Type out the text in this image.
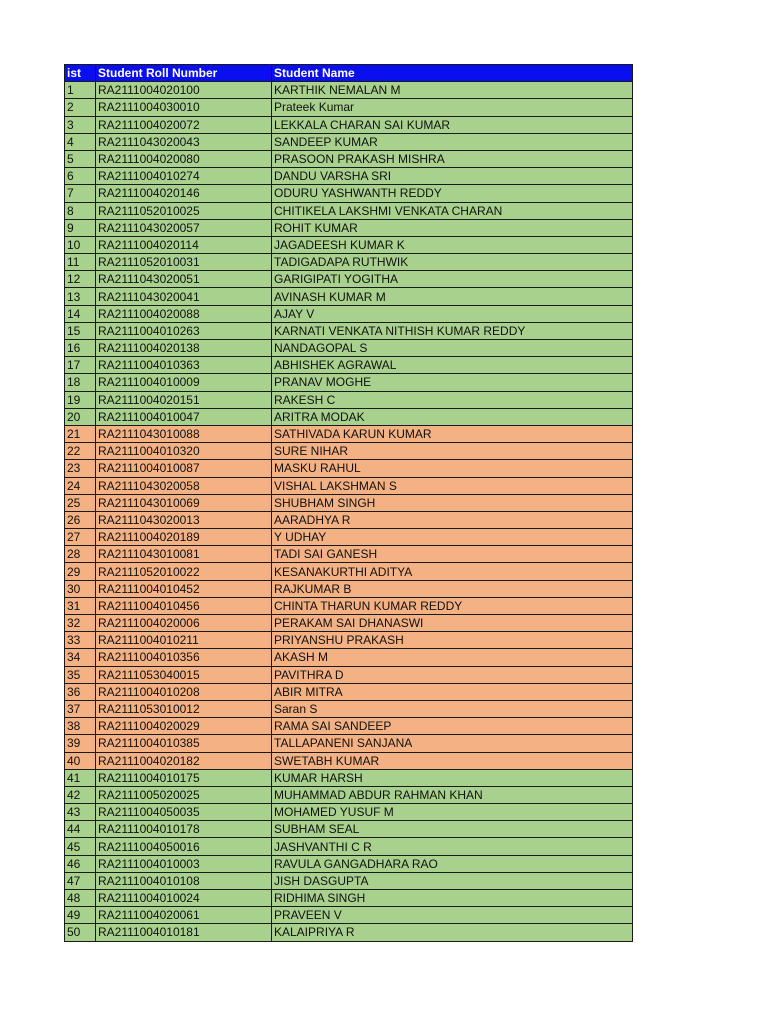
ist	Student Roll Number	Student Name
1	RA2111004020100	KARTHIK NEMALAN M
2	RA2111004030010	Prateek Kumar
3	RA2111004020072	LEKKALA CHARAN SAI KUMAR
4	RA2111043020043	SANDEEP KUMAR
5	RA2111004020080	PRASOON PRAKASH MISHRA
6	RA2111004010274	DANDU VARSHA SRI
7	RA2111004020146	ODURU YASHWANTH REDDY
8	RA2111052010025	CHITIKELA LAKSHMI VENKATA CHARAN
9	RA2111043020057	ROHIT KUMAR
10	RA2111004020114	JAGADEESH KUMAR K
11	RA2111052010031	TADIGADAPA RUTHWIK
12	RA2111043020051	GARIGIPATI YOGITHA
13	RA2111043020041	AVINASH KUMAR M
14	RA2111004020088	AJAY V
15	RA2111004010263	KARNATI VENKATA NITHISH KUMAR REDDY
16	RA2111004020138	NANDAGOPAL S
17	RA2111004010363	ABHISHEK AGRAWAL
18	RA2111004010009	PRANAV MOGHE
19	RA2111004020151	RAKESH C
20	RA2111004010047	ARITRA MODAK
21	RA2111043010088	SATHIVADA KARUN KUMAR
22	RA2111004010320	SURE NIHAR
23	RA2111004010087	MASKU RAHUL
24	RA2111043020058	VISHAL LAKSHMAN S
25	RA2111043010069	SHUBHAM SINGH
26	RA2111043020013	AARADHYA R
27	RA2111004020189	Y UDHAY
28	RA2111043010081	TADI SAI GANESH
29	RA2111052010022	KESANAKURTHI ADITYA
30	RA2111004010452	RAJKUMAR B
31	RA2111004010456	CHINTA THARUN KUMAR REDDY
32	RA2111004020006	PERAKAM SAI DHANASWI
33	RA2111004010211	PRIYANSHU PRAKASH
34	RA2111004010356	AKASH M
35	RA2111053040015	PAVITHRA D
36	RA2111004010208	ABIR MITRA
37	RA2111053010012	Saran S
38	RA2111004020029	RAMA SAI SANDEEP
39	RA2111004010385	TALLAPANENI SANJANA
40	RA2111004020182	SWETABH KUMAR
41	RA2111004010175	KUMAR HARSH
42	RA2111005020025	MUHAMMAD ABDUR RAHMAN KHAN
43	RA2111004050035	MOHAMED YUSUF M
44	RA2111004010178	SUBHAM SEAL
45	RA2111004050016	JASHVANTHI C R
46	RA2111004010003	RAVULA GANGADHARA RAO
47	RA2111004010108	JISH DASGUPTA
48	RA2111004010024	RIDHIMA SINGH
49	RA2111004020061	PRAVEEN V
50	RA2111004010181	KALAIPRIYA R
